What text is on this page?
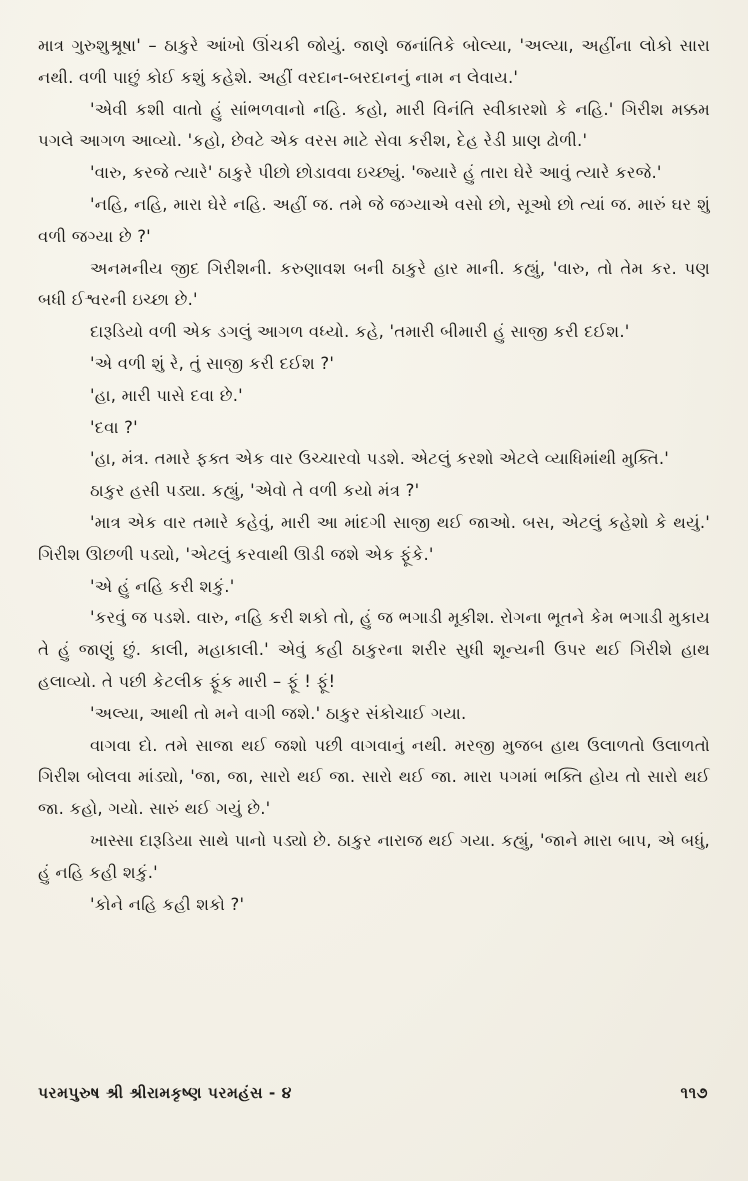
માત્ર ગુરુશુશ્રૂષા' – ઠાકુરે આંખો ઊંચકી જોયું. જાણે જનાંતિકે બોલ્યા, 'અલ્યા, અહીંના લોકો સારા નથી. વળી પાછું કોઈ કશું કહેશે. અહીં વરદાન-બરદાનનું નામ ન લેવાય.'

'એવી કશી વાતો હું સાંભળવાનો નહિ. કહો, મારી વિનંતિ સ્વીકારશો કે નહિ.' ગિરીશ મક્કમ પગલે આગળ આવ્યો. 'કહો, છેવટે એક વરસ માટે સેવા કરીશ, દેહ રેડી પ્રાણ ઢોળી.'

'વારુ, કરજે ત્યારે' ઠાકુરે પીછો છોડાવવા ઇચ્છ્યું. 'જ્યારે હું તારા ઘેરે આવું ત્યારે કરજે.'

'નહિ, નહિ, મારા ઘેરે નહિ. અહીં જ. તમે જે જગ્યાએ વસો છો, સૂઓ છો ત્યાં જ. મારું ઘર શું વળી જગ્યા છે ?'

અનમનીય જીદ ગિરીશની. કરુણાવશ બની ઠાકુરે હાર માની. કહ્યું, 'વારુ, તો તેમ કર. પણ બધી ઈશ્વરની ઇચ્છા છે.'

દારૂડિયો વળી એક ડગલું આગળ વધ્યો. કહે, 'તમારી બીમારી હું સાજી કરી દઈશ.'

'એ વળી શું રે, તું સાજી કરી દઈશ ?'

'હા, મારી પાસે દવા છે.'

'દવા ?'

'હા, મંત્ર. તમારે ફક્ત એક વાર ઉચ્ચારવો પડશે. એટલું કરશો એટલે વ્યાધિમાંથી મુક્તિ.'

ઠાકુર હસી પડ્યા. કહ્યું, 'એવો તે વળી કયો મંત્ર ?'

'માત્ર એક વાર તમારે કહેવું, મારી આ માંદગી સાજી થઈ જાઓ. બસ, એટલું કહેશો કે થયું.' ગિરીશ ઊછળી પડ્યો, 'એટલું કરવાથી ઊડી જશે એક ફૂંકે.'

'એ હું નહિ કરી શકું.'

'કરવું જ પડશે. વારુ, નહિ કરી શકો તો, હું જ ભગાડી મૂકીશ. રોગના ભૂતને કેમ ભગાડી મુકાય તે હું જાણું છું. કાલી, મહાકાલી.' એવું કહી ઠાકુરના શરીર સુધી શૂન્યની ઉપર થઈ ગિરીશે હાથ હલાવ્યો. તે પછી કેટલીક ફૂંક મારી – ફૂં ! ફૂં!

'અલ્યા, આથી તો મને વાગી જશે.' ઠાકુર સંકોચાઈ ગયા.

વાગવા દો. તમે સાજા થઈ જશો પછી વાગવાનું નથી. મરજી મુજબ હાથ ઉલાળતો ઉલાળતો ગિરીશ બોલવા માંડ્યો, 'જા, જા, સારો થઈ જા. સારો થઈ જા. મારા પગમાં ભક્તિ હોય તો સારો થઈ જા. કહો, ગયો. સારું થઈ ગયું છે.'

ખાસ્સા દારૂડિયા સાથે પાનો પડ્યો છે. ઠાકુર નારાજ થઈ ગયા. કહ્યું, 'જાને મારા બાપ, એ બધું, હું નહિ કહી શકું.'

'કોને નહિ કહી શકો ?'

પરમપુરુષ શ્રી શ્રીરામકૃષ્ણ પરમહંસ - ૪	૧૧૭
